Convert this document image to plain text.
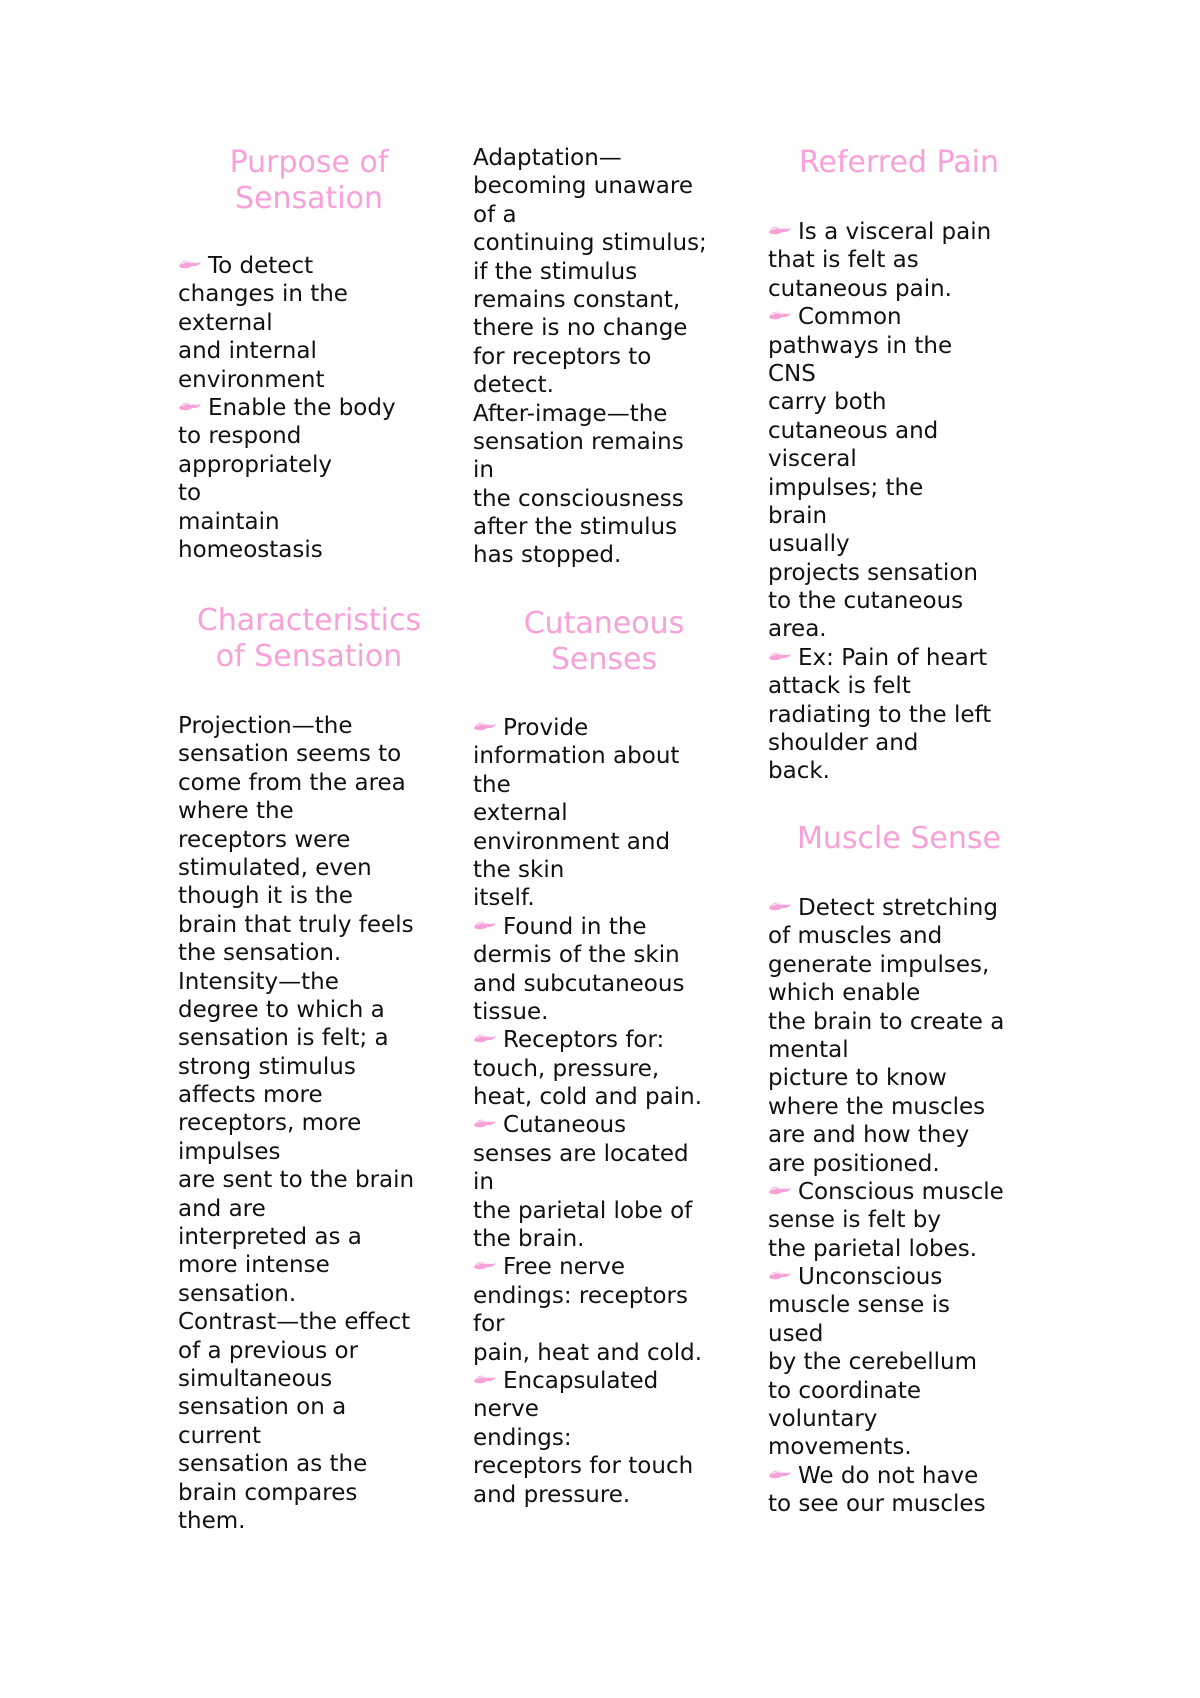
Purpose of
Sensation
To detect
changes in the
external
and internal
environment
Enable the body
to respond
appropriately
to
maintain
homeostasis
Characteristics
of Sensation
Projection—the
sensation seems to
come from the area
where the
receptors were
stimulated, even
though it is the
brain that truly feels
the sensation.
Intensity—the
degree to which a
sensation is felt; a
strong stimulus
affects more
receptors, more
impulses
are sent to the brain
and are
interpreted as a
more intense
sensation.
Contrast—the effect
of a previous or
simultaneous
sensation on a
current
sensation as the
brain compares
them.
Adaptation—
becoming unaware
of a
continuing stimulus;
if the stimulus
remains constant,
there is no change
for receptors to
detect.
After-image—the
sensation remains
in
the consciousness
after the stimulus
has stopped.
Cutaneous
Senses
Provide
information about
the
external
environment and
the skin
itself.
Found in the
dermis of the skin
and subcutaneous
tissue.
Receptors for:
touch, pressure,
heat, cold and pain.
Cutaneous
senses are located
in
the parietal lobe of
the brain.
Free nerve
endings: receptors
for
pain, heat and cold.
Encapsulated
nerve
endings:
receptors for touch
and pressure.
Referred Pain
Is a visceral pain
that is felt as
cutaneous pain.
Common
pathways in the
CNS
carry both
cutaneous and
visceral
impulses; the
brain
usually
projects sensation
to the cutaneous
area.
Ex: Pain of heart
attack is felt
radiating to the left
shoulder and
back.
Muscle Sense
Detect stretching
of muscles and
generate impulses,
which enable
the brain to create a
mental
picture to know
where the muscles
are and how they
are positioned.
Conscious muscle
sense is felt by
the parietal lobes.
Unconscious
muscle sense is
used
by the cerebellum
to coordinate
voluntary
movements.
We do not have
to see our muscles
